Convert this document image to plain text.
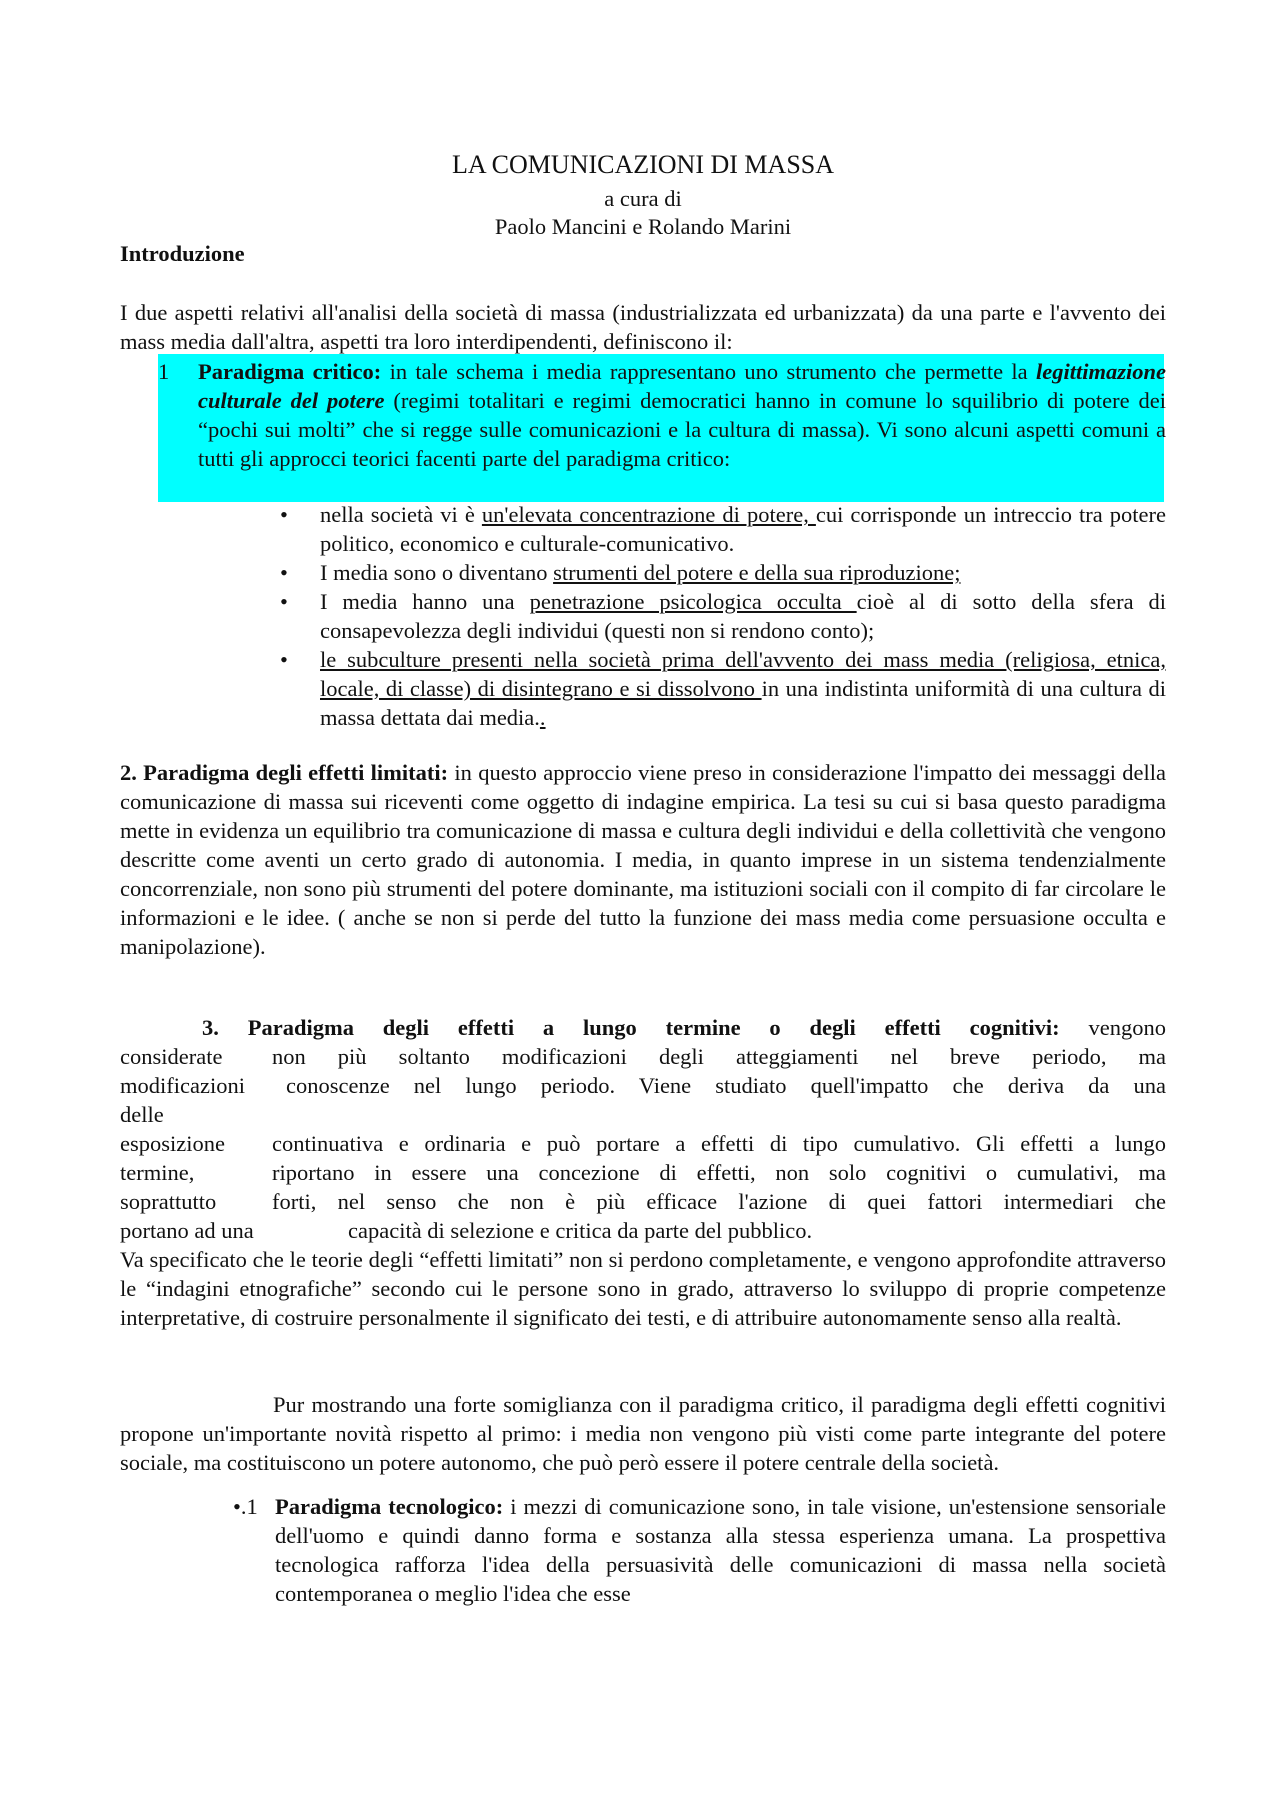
LA COMUNICAZIONI DI MASSA
a cura di
Paolo Mancini e Rolando Marini
Introduzione
I due aspetti relativi all'analisi della società di massa (industrializzata ed urbanizzata) da una parte e l'avvento dei mass media dall'altra, aspetti tra loro interdipendenti, definiscono il:
1	Paradigma critico: in tale schema i media rappresentano uno strumento che permette la legittimazione culturale del potere (regimi totalitari e regimi democratici hanno in comune lo squilibrio di potere dei “pochi sui molti” che si regge sulle comunicazioni e la cultura di massa). Vi sono alcuni aspetti comuni a tutti gli approcci teorici facenti parte del paradigma critico:
• nella società vi è un'elevata concentrazione di potere, cui corrisponde un intreccio tra potere politico, economico e culturale-comunicativo.
• I media sono o diventano strumenti del potere e della sua riproduzione;
• I media hanno una penetrazione psicologica occulta cioè al di sotto della sfera di consapevolezza degli individui (questi non si rendono conto);
• le subculture presenti nella società prima dell'avvento dei mass media (religiosa, etnica, locale, di classe) di disintegrano e si dissolvono in una indistinta uniformità di una cultura di massa dettata dai media..
2. Paradigma degli effetti limitati: in questo approccio viene preso in considerazione l'impatto dei messaggi della comunicazione di massa sui riceventi come oggetto di indagine empirica. La tesi su cui si basa questo paradigma mette in evidenza un equilibrio tra comunicazione di massa e cultura degli individui e della collettività che vengono descritte come aventi un certo grado di autonomia. I media, in quanto imprese in un sistema tendenzialmente concorrenziale, non sono più strumenti del potere dominante, ma istituzioni sociali con il compito di far circolare le informazioni e le idee. ( anche se non si perde del tutto la funzione dei mass media come persuasione occulta e manipolazione).
3. Paradigma degli effetti a lungo termine o degli effetti cognitivi: vengono
considerate	non più soltanto modificazioni degli atteggiamenti nel breve periodo, ma
modificazioni delle
conoscenze nel lungo periodo. Viene studiato quell'impatto che deriva da una
esposizione	continuativa e ordinaria e può portare a effetti di tipo cumulativo. Gli effetti a lungo
termine,	riportano in essere una concezione di effetti, non solo cognitivi o cumulativi, ma
soprattutto	forti, nel senso che non è più efficace l'azione di quei fattori intermediari che
portano ad una	capacità di selezione e critica da parte del pubblico.
Va specificato che le teorie degli “effetti limitati” non si perdono completamente, e vengono approfondite attraverso le “indagini etnografiche” secondo cui le persone sono in grado, attraverso lo sviluppo di proprie competenze interpretative, di costruire personalmente il significato dei testi, e di attribuire autonomamente senso alla realtà.
Pur mostrando una forte somiglianza con il paradigma critico, il paradigma degli effetti cognitivi propone un'importante novità rispetto al primo: i media non vengono più visti come parte integrante del potere sociale, ma costituiscono un potere autonomo, che può però essere il potere centrale della società.
•.1 Paradigma tecnologico: i mezzi di comunicazione sono, in tale visione, un'estensione sensoriale dell'uomo e quindi danno forma e sostanza alla stessa esperienza umana. La prospettiva tecnologica rafforza l'idea della persuasività delle comunicazioni di massa nella società contemporanea o meglio l'idea che esse
